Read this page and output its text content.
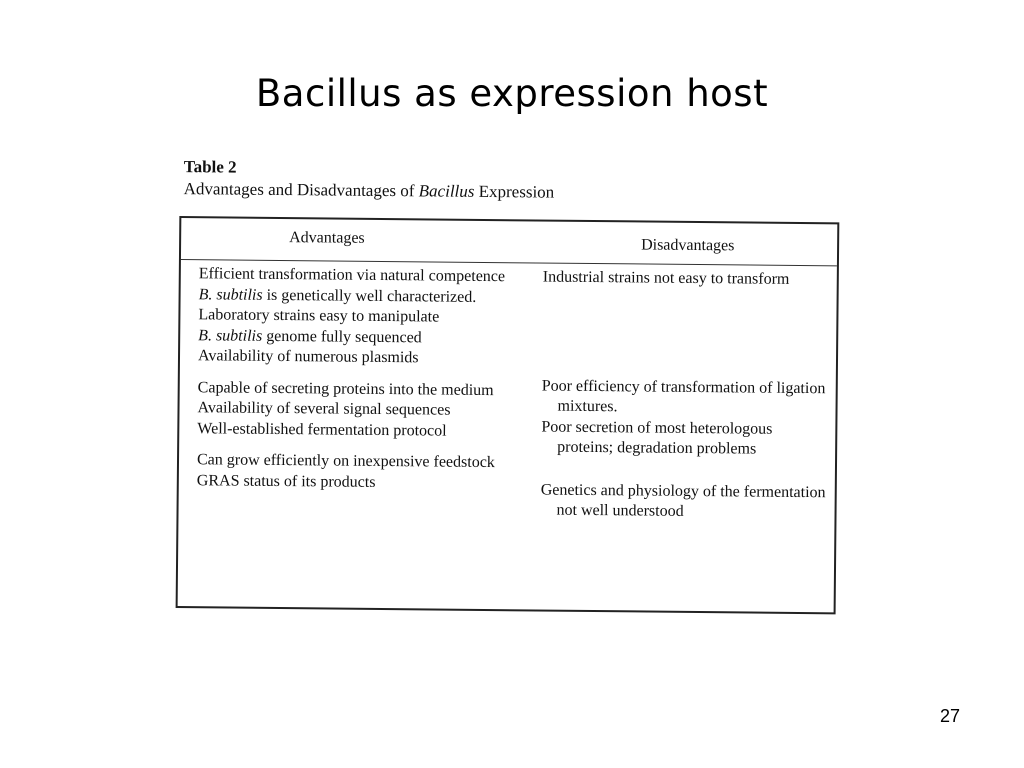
Bacillus as expression host
Table 2
Advantages and Disadvantages of Bacillus Expression
Advantages	Disadvantages

Efficient transformation via natural competence

B. subtilis is genetically well characterized.

Laboratory strains easy to manipulate

B. subtilis genome fully sequenced

Availability of numerous plasmids

Capable of secreting proteins into the medium

Availability of several signal sequences

Well-established fermentation protocol

Can grow efficiently on inexpensive feedstock

GRAS status of its products

Industrial strains not easy to transform

Poor efficiency of transformation of ligation mixtures.

Poor secretion of most heterologous proteins; degradation problems

Genetics and physiology of the fermentation not well understood

27
